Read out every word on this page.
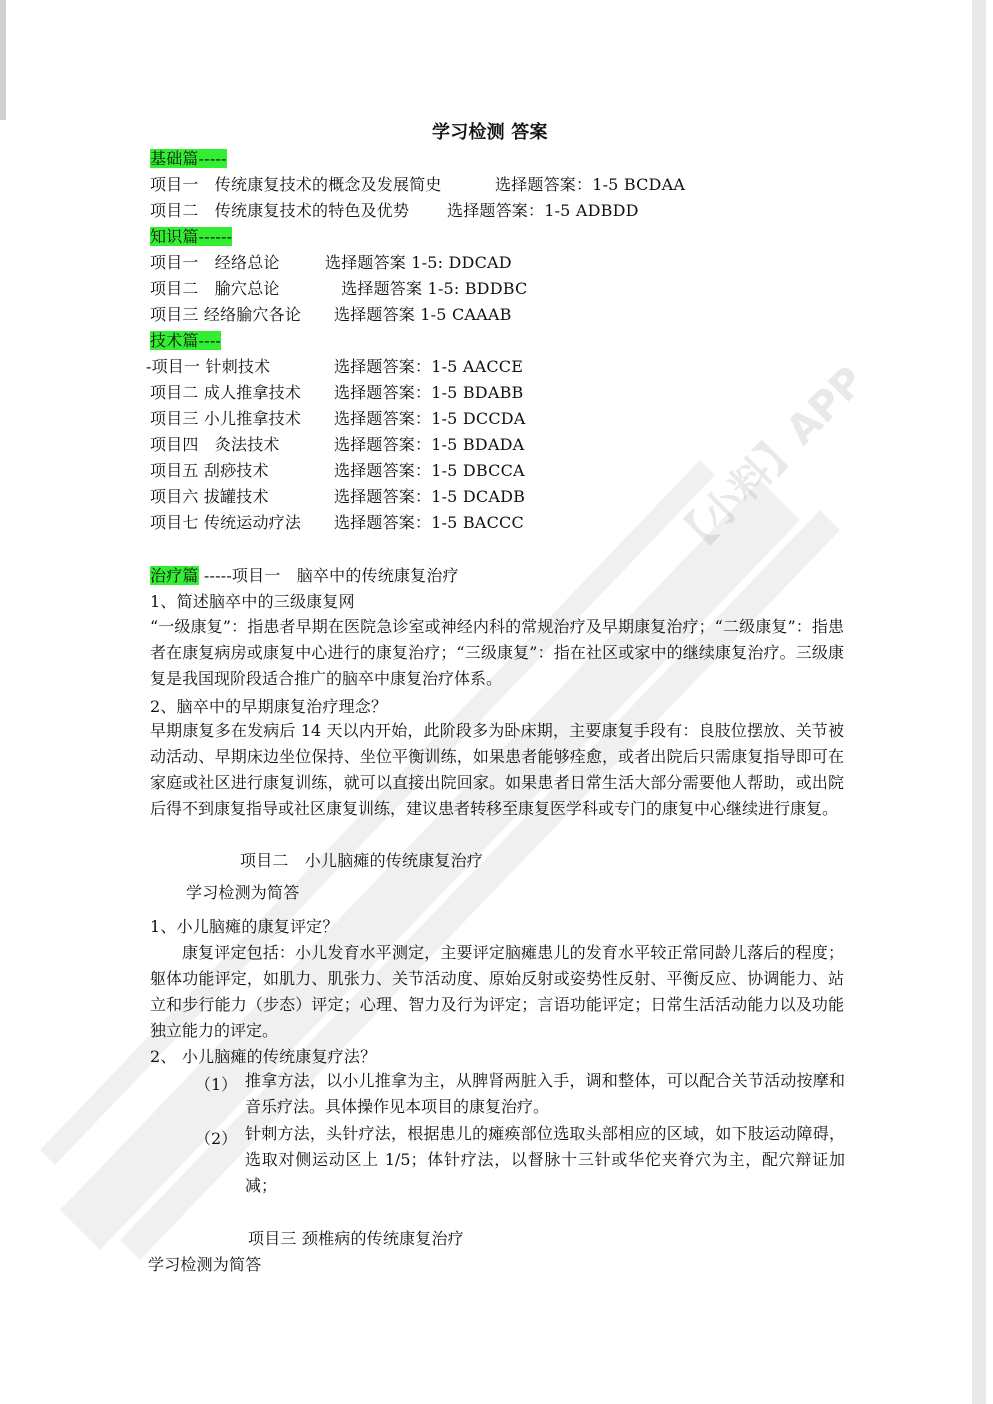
【小料】APP
学习检测 答案
基础篇-----
项目一　传统康复技术的概念及发展简史	选择题答案：1-5 BCDAA
项目二　传统康复技术的特色及优势 选择题答案：1-5 ADBDD
知识篇------
项目一　经络总论	选择题答案 1-5: DDCAD
项目二　腧穴总论	　选择题答案 1-5: BDDBC
项目三 经络腧穴各论 选择题答案 1-5 CAAAB
技术篇----
-项目一 针刺技术	选择题答案：1-5 AACCE
项目二 成人推拿技术 选择题答案：1-5 BDABB
项目三 小儿推拿技术 选择题答案：1-5 DCCDA
项目四　灸法技术	选择题答案：1-5 BDADA
项目五 刮痧技术	选择题答案：1-5 DBCCA
项目六 拔罐技术	选择题答案：1-5 DCADB
项目七 传统运动疗法 选择题答案：1-5 BACCC
治疗篇 -----项目一　脑卒中的传统康复治疗
1、简述脑卒中的三级康复网
“一级康复”：指患者早期在医院急诊室或神经内科的常规治疗及早期康复治疗；“二级康复”：指患者在康复病房或康复中心进行的康复治疗；“三级康复”：指在社区或家中的继续康复治疗。三级康复是我国现阶段适合推广的脑卒中康复治疗体系。
2、脑卒中的早期康复治疗理念？
早期康复多在发病后 14 天以内开始，此阶段多为卧床期，主要康复手段有：良肢位摆放、关节被动活动、早期床边坐位保持、坐位平衡训练，如果患者能够痊愈，或者出院后只需康复指导即可在家庭或社区进行康复训练，就可以直接出院回家。如果患者日常生活大部分需要他人帮助，或出院后得不到康复指导或社区康复训练，建议患者转移至康复医学科或专门的康复中心继续进行康复。
项目二　小儿脑瘫的传统康复治疗
学习检测为简答
1、小儿脑瘫的康复评定？
康复评定包括：小儿发育水平测定，主要评定脑瘫患儿的发育水平较正常同龄儿落后的程度；躯体功能评定，如肌力、肌张力、关节活动度、原始反射或姿势性反射、平衡反应、协调能力、站立和步行能力（步态）评定；心理、智力及行为评定；言语功能评定；日常生活活动能力以及功能独立能力的评定。
2、 小儿脑瘫的传统康复疗法？
（1） 推拿方法，以小儿推拿为主，从脾肾两脏入手，调和整体，可以配合关节活动按摩和音乐疗法。具体操作见本项目的康复治疗。
（2） 针刺方法，头针疗法，根据患儿的瘫痪部位选取头部相应的区域，如下肢运动障碍，选取对侧运动区上 1/5；体针疗法，以督脉十三针或华佗夹脊穴为主，配穴辩证加减；
项目三 颈椎病的传统康复治疗
学习检测为简答
